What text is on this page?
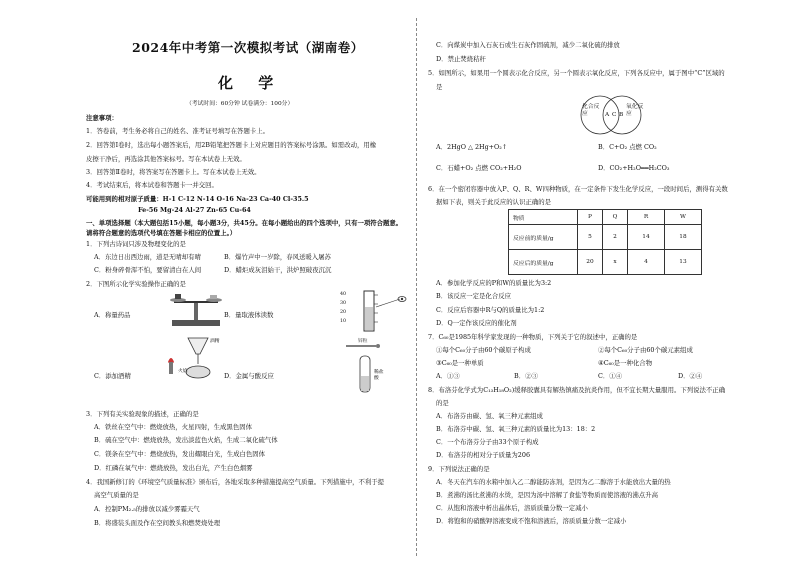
2024年中考第一次模拟考试（湖南卷）
化 学
（考试时间：60分钟 试卷满分：100分）
注意事项：
1．答卷前，考生务必将自己的姓名、准考证号填写在答题卡上。
2．回答第Ⅰ卷时，选出每小题答案后，用2B铅笔把答题卡上对应题目的答案标号涂黑。如需改动，用橡
皮擦干净后，再选涂其他答案标号。写在本试卷上无效。
3．回答第Ⅱ卷时，将答案写在答题卡上。写在本试卷上无效。
4．考试结束后，将本试卷和答题卡一并交回。
可能用到的相对原子质量：H-1 C-12 N-14 O-16 Na-23 Ca-40 Cl-35.5
Fe-56 Mg-24 Al-27 Zn-65 Cu-64
一、单项选择题（本大题包括15小题，每小题3分，共45分。在每小题给出的四个选项中，只有一项符合题意。请将符合题意的选项代号填在答题卡相应的位置上。）
1．下列古诗词只涉及物理变化的是
A．东边日出西边雨，道是无晴却有晴	B．爆竹声中一岁除，春风送暖入屠苏
C．粉身碎骨浑不怕，要留清白在人间	D．蜡炬成灰泪始干，洪炉照破夜沉沉
2．下图所示化学实验操作正确的是
A．称量药品
40
30
20
10
B．量取液体读数
火焰
酒精
C．添加酒精
锌粒
稀盐酸
D．金属与酸反应
3．下列有关实验现象的描述，正确的是
A．铁丝在空气中：燃烧放热，火星四射，生成黑色固体
B．硫在空气中：燃烧放热，发出淡蓝色火焰，生成二氧化硫气体
C．镁条在空气中：燃烧放热，发出耀眼白光，生成白色固体
D．红磷在氧气中：燃烧放热，发出白光，产生白色烟雾
4．我国新修订的《环境空气质量标准》颁布后，各地采取多种措施提高空气质量。下列措施中，不利于提
高空气质量的是
A．控制PM₂.₅的排放以减少雾霾天气
B．将盛装头面及作在空间教头和燃焚烧处理
C．向煤炭中加入石灰石或生石灰作固硫剂，减少二氧化硫的排放
D．禁止焚烧秸秆
5．如图所示，如果用一个圆表示化合反应，另一个圆表示氧化反应，下列各反应中，属于图中“C”区域的
是
化合反应	A C B
氧化反应
A．2HgO △ 2Hg+O₂↑	B．C+O₂ 点燃 CO₂
C．石蜡+O₂ 点燃 CO₂+H₂O	D．CO₂+H₂O══H₂CO₃
6．在一个密闭容器中放入P、Q、R、W四种物质，在一定条件下发生化学反应，一段时间后，测得有关数
据如下表，则关于此反应的认识正确的是
物质	P	Q	R	W
反应前的质量/g	5	2	14	18
反应后的质量/g	20	x	4	13
A．参加化学反应的P和W的质量比为3:2
B．该反应一定是化合反应
C．反应后容器中R与Q的质量比为1:2
D．Q一定作该反应的催化剂
7．C₆₀是1985年科学家发现的一种物质，下列关于它的叙述中，正确的是
①每个C₆₀分子由60个碳原子构成	②每个C₆₀分子由60个碳元素组成
③C₆₀是一种单质	④C₆₀是一种化合物
A．①③	B．②③	C．①④	D．②④
8．布洛芬化学式为C₁₃H₁₈O₂)缓释胶囊具有解热镇痛及抗炎作用，但不宜长期大量服用。下列说法不正确
的是
A．布洛芬由碳、氢、氧三种元素组成
B．布洛芬中碳、氢、氧三种元素的质量比为13：18：2
C．一个布洛芬分子由33个原子构成
D．布洛芬的相对分子质量为206
9．下列说法正确的是
A．冬天在汽车的水箱中加入乙二醇能防冻剂，是因为乙二醇溶于水能放出大量的热
B．煮沸的汤比煮沸的水烫，是因为汤中溶解了食盐等物质而使溶液的沸点升高
C．从饱和溶液中析出晶体后，溶质质量分数一定减小
D．将饱和的硝酸钾溶液变成不饱和溶液后，溶质质量分数一定减小
